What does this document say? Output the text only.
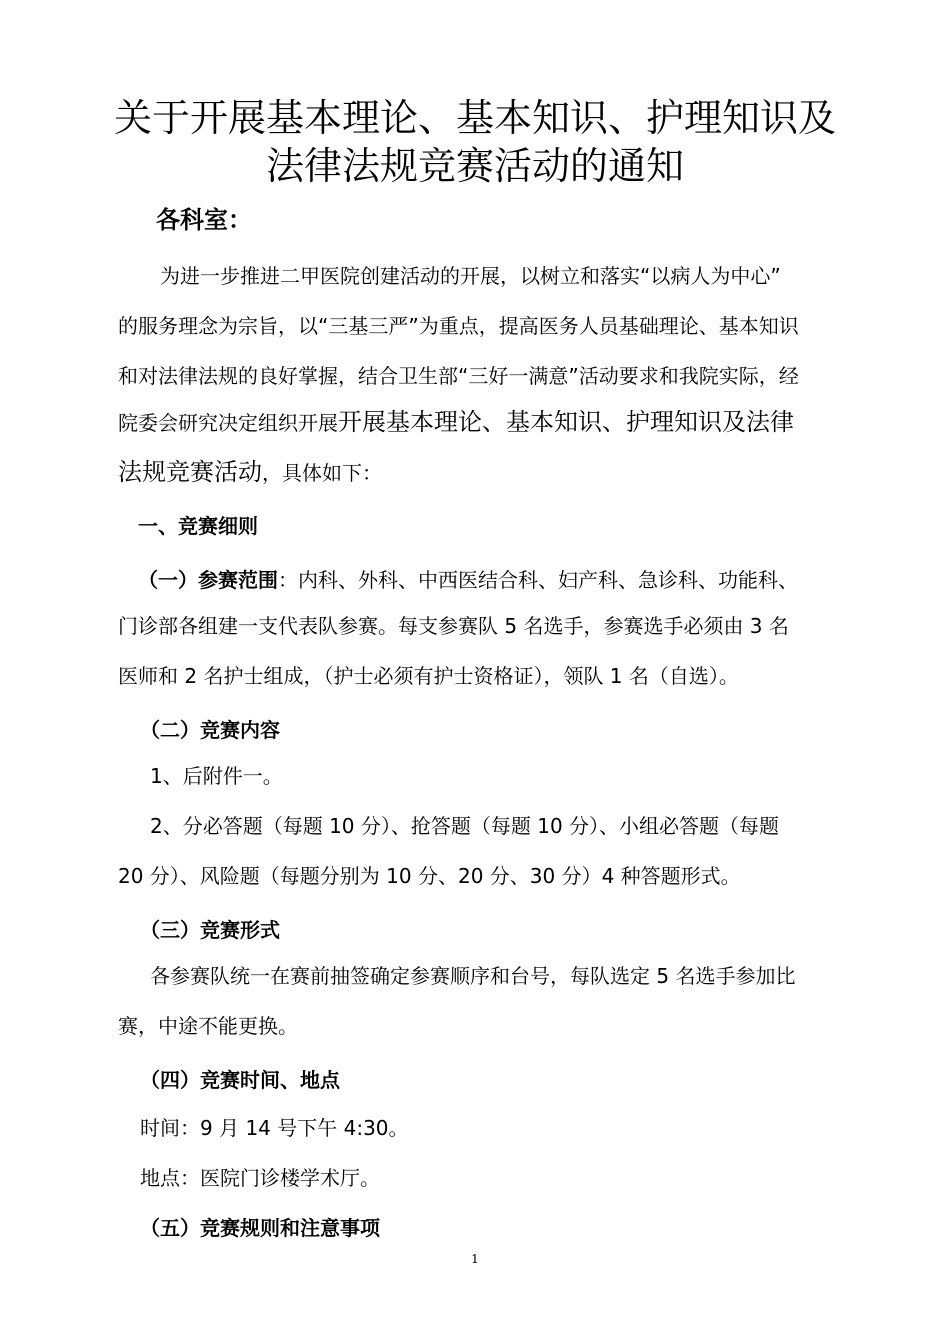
关于开展基本理论、基本知识、护理知识及
法律法规竞赛活动的通知

各科室：

为进一步推进二甲医院创建活动的开展，以树立和落实“以病人为中心”

的服务理念为宗旨，以“三基三严”为重点，提高医务人员基础理论、基本知识

和对法律法规的良好掌握，结合卫生部“三好一满意”活动要求和我院实际，经

院委会研究决定组织开展开展基本理论、基本知识、护理知识及法律

法规竞赛活动，具体如下：

一、竞赛细则

（一）参赛范围：内科、外科、中西医结合科、妇产科、急诊科、功能科、

门诊部各组建一支代表队参赛。每支参赛队 5 名选手，参赛选手必须由 3 名

医师和 2 名护士组成，（护士必须有护士资格证），领队 1 名（自选）。

（二）竞赛内容

1、后附件一。

2、分必答题（每题 10 分）、抢答题（每题 10 分）、小组必答题（每题

20 分）、风险题（每题分别为 10 分、20 分、30 分）4 种答题形式。

（三）竞赛形式

各参赛队统一在赛前抽签确定参赛顺序和台号，每队选定 5 名选手参加比

赛，中途不能更换。

（四）竞赛时间、地点

时间：9 月 14 号下午 4:30。

地点：医院门诊楼学术厅。

（五）竞赛规则和注意事项

1
